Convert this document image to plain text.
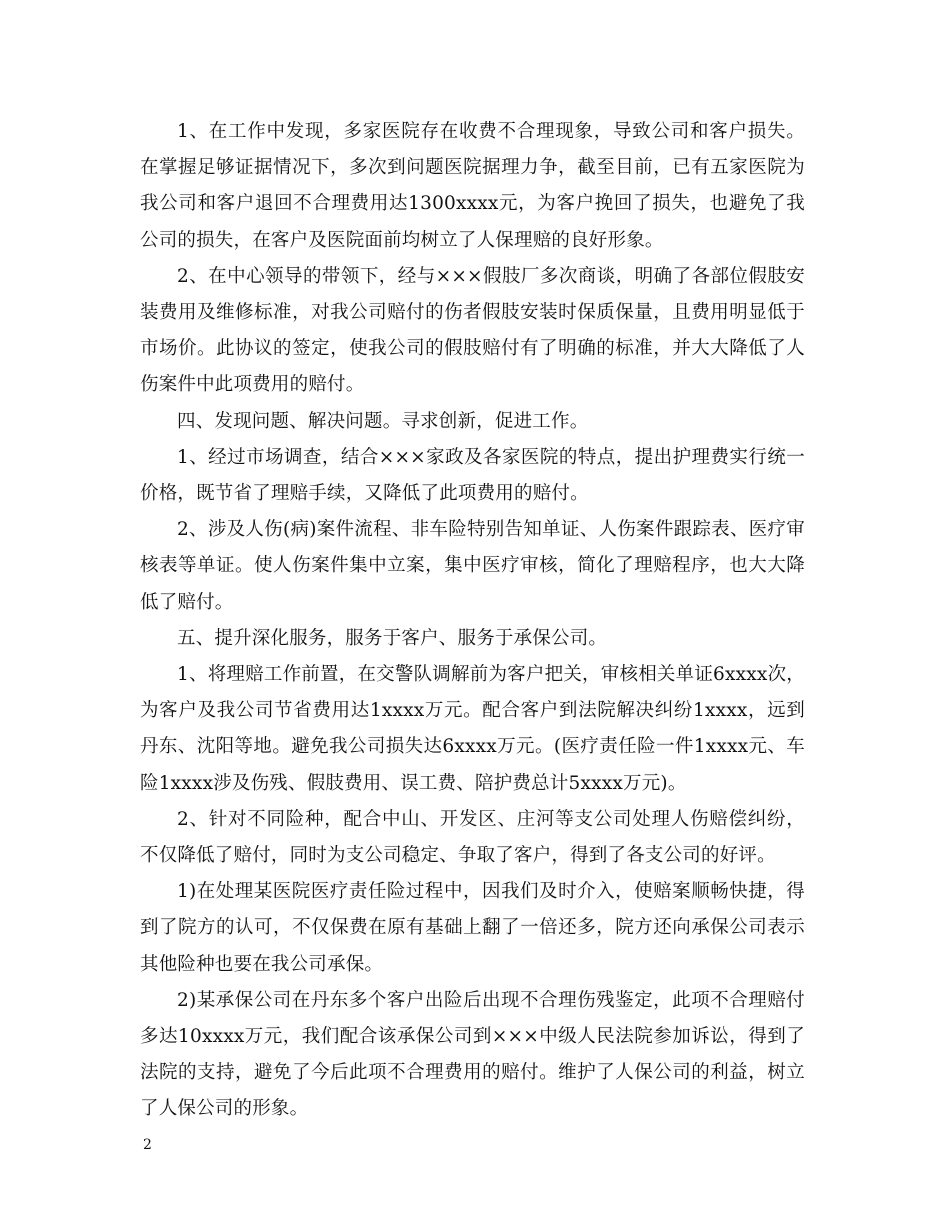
1、在工作中发现，多家医院存在收费不合理现象，导致公司和客户损失。在掌握足够证据情况下，多次到问题医院据理力争，截至目前，已有五家医院为我公司和客户退回不合理费用达1300xxxx元，为客户挽回了损失，也避免了我公司的损失，在客户及医院面前均树立了人保理赔的良好形象。

2、在中心领导的带领下，经与×××假肢厂多次商谈，明确了各部位假肢安装费用及维修标准，对我公司赔付的伤者假肢安装时保质保量，且费用明显低于市场价。此协议的签定，使我公司的假肢赔付有了明确的标准，并大大降低了人伤案件中此项费用的赔付。

四、发现问题、解决问题。寻求创新，促进工作。

1、经过市场调查，结合×××家政及各家医院的特点，提出护理费实行统一价格，既节省了理赔手续，又降低了此项费用的赔付。

2、涉及人伤(病)案件流程、非车险特别告知单证、人伤案件跟踪表、医疗审核表等单证。使人伤案件集中立案，集中医疗审核，简化了理赔程序，也大大降低了赔付。

五、提升深化服务，服务于客户、服务于承保公司。

1、将理赔工作前置，在交警队调解前为客户把关，审核相关单证6xxxx次，为客户及我公司节省费用达1xxxx万元。配合客户到法院解决纠纷1xxxx，远到丹东、沈阳等地。避免我公司损失达6xxxx万元。(医疗责任险一件1xxxx元、车险1xxxx涉及伤残、假肢费用、误工费、陪护费总计5xxxx万元)。

2、针对不同险种，配合中山、开发区、庄河等支公司处理人伤赔偿纠纷，不仅降低了赔付，同时为支公司稳定、争取了客户，得到了各支公司的好评。

1)在处理某医院医疗责任险过程中，因我们及时介入，使赔案顺畅快捷，得到了院方的认可，不仅保费在原有基础上翻了一倍还多，院方还向承保公司表示其他险种也要在我公司承保。

2)某承保公司在丹东多个客户出险后出现不合理伤残鉴定，此项不合理赔付多达10xxxx万元，我们配合该承保公司到×××中级人民法院参加诉讼，得到了法院的支持，避免了今后此项不合理费用的赔付。维护了人保公司的利益，树立了人保公司的形象。

2
